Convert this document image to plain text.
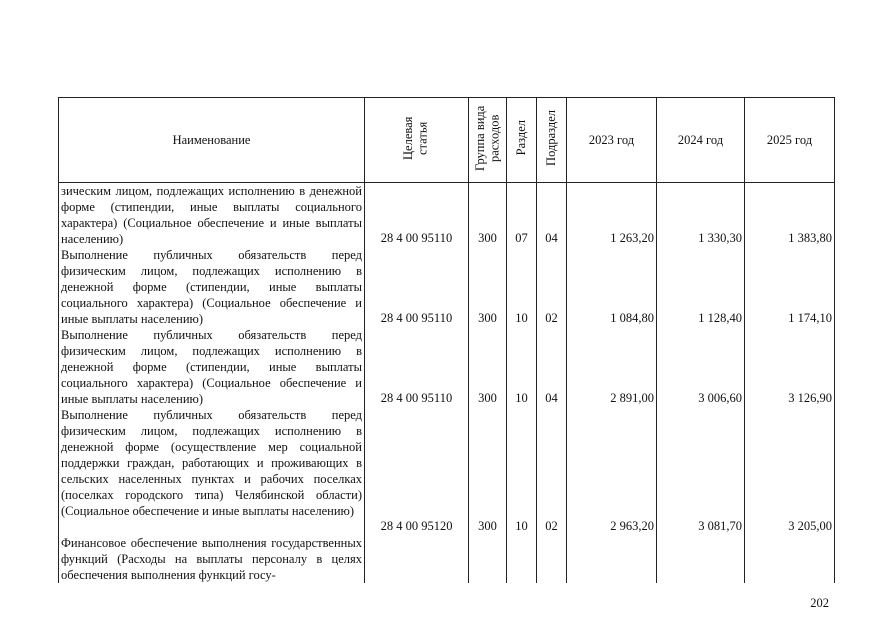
Наименование	Целевая статья	Группа вида расходов	Раздел	Подраздел	2023 год	2024 год	2025 год

зическим лицом, подлежащих исполнению в денежной форме (стипендии, иные выплаты социального характера) (Социальное обеспечение и иные выплаты населению)	28 4 00 95110	300	07	04	1 263,20	1 330,30	1 383,80

Выполнение публичных обязательств перед физическим лицом, подлежащих исполнению в денежной форме (стипендии, иные выплаты социального характера) (Социальное обеспечение и иные выплаты населению)	28 4 00 95110	300	10	02	1 084,80	1 128,40	1 174,10

Выполнение публичных обязательств перед физическим лицом, подлежащих исполнению в денежной форме (стипендии, иные выплаты социального характера) (Социальное обеспечение и иные выплаты населению)	28 4 00 95110	300	10	04	2 891,00	3 006,60	3 126,90

Выполнение публичных обязательств перед физическим лицом, подлежащих исполнению в денежной форме (осуществление мер социальной поддержки граждан, работающих и проживающих в сельских населенных пунктах и рабочих поселках (поселках городского типа) Челябинской области) (Социальное обеспечение и иные выплаты населению)	28 4 00 95120	300	10	02	2 963,20	3 081,70	3 205,00

Финансовое обеспечение выполнения государственных функций (Расходы на выплаты персоналу в целях обеспечения выполнения функций госу-							

202
